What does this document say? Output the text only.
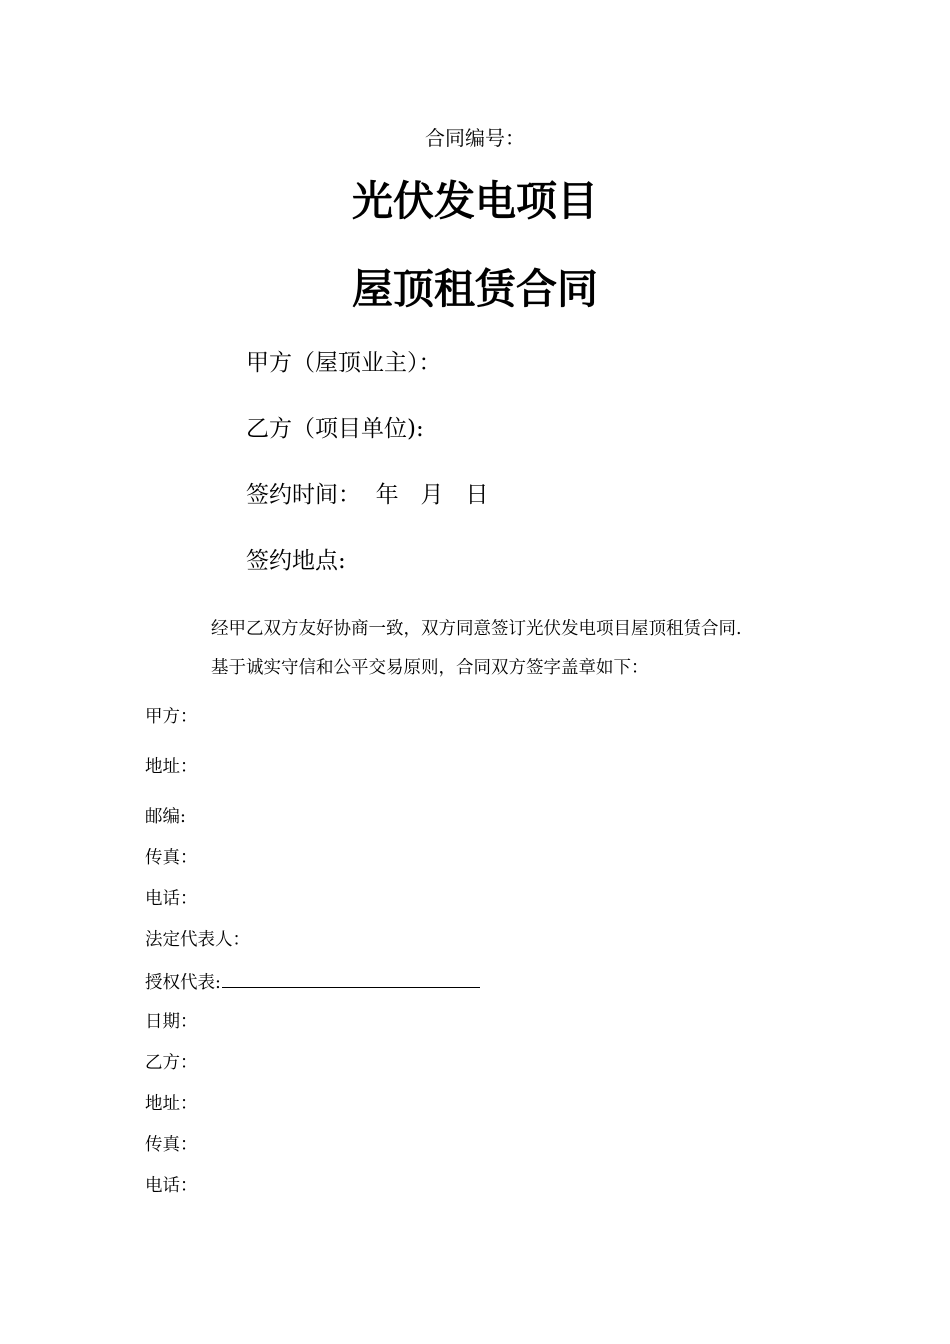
合同编号：
光伏发电项目
屋顶租赁合同
甲方（屋顶业主）：
乙方（项目单位):
签约时间：  年   月   日
签约地点:
经甲乙双方友好协商一致，双方同意签订光伏发电项目屋顶租赁合同.
基于诚实守信和公平交易原则，合同双方签字盖章如下：
甲方：
地址：
邮编:
传真：
电话：
法定代表人：
授权代表:
日期：
乙方：
地址：
传真：
电话：
